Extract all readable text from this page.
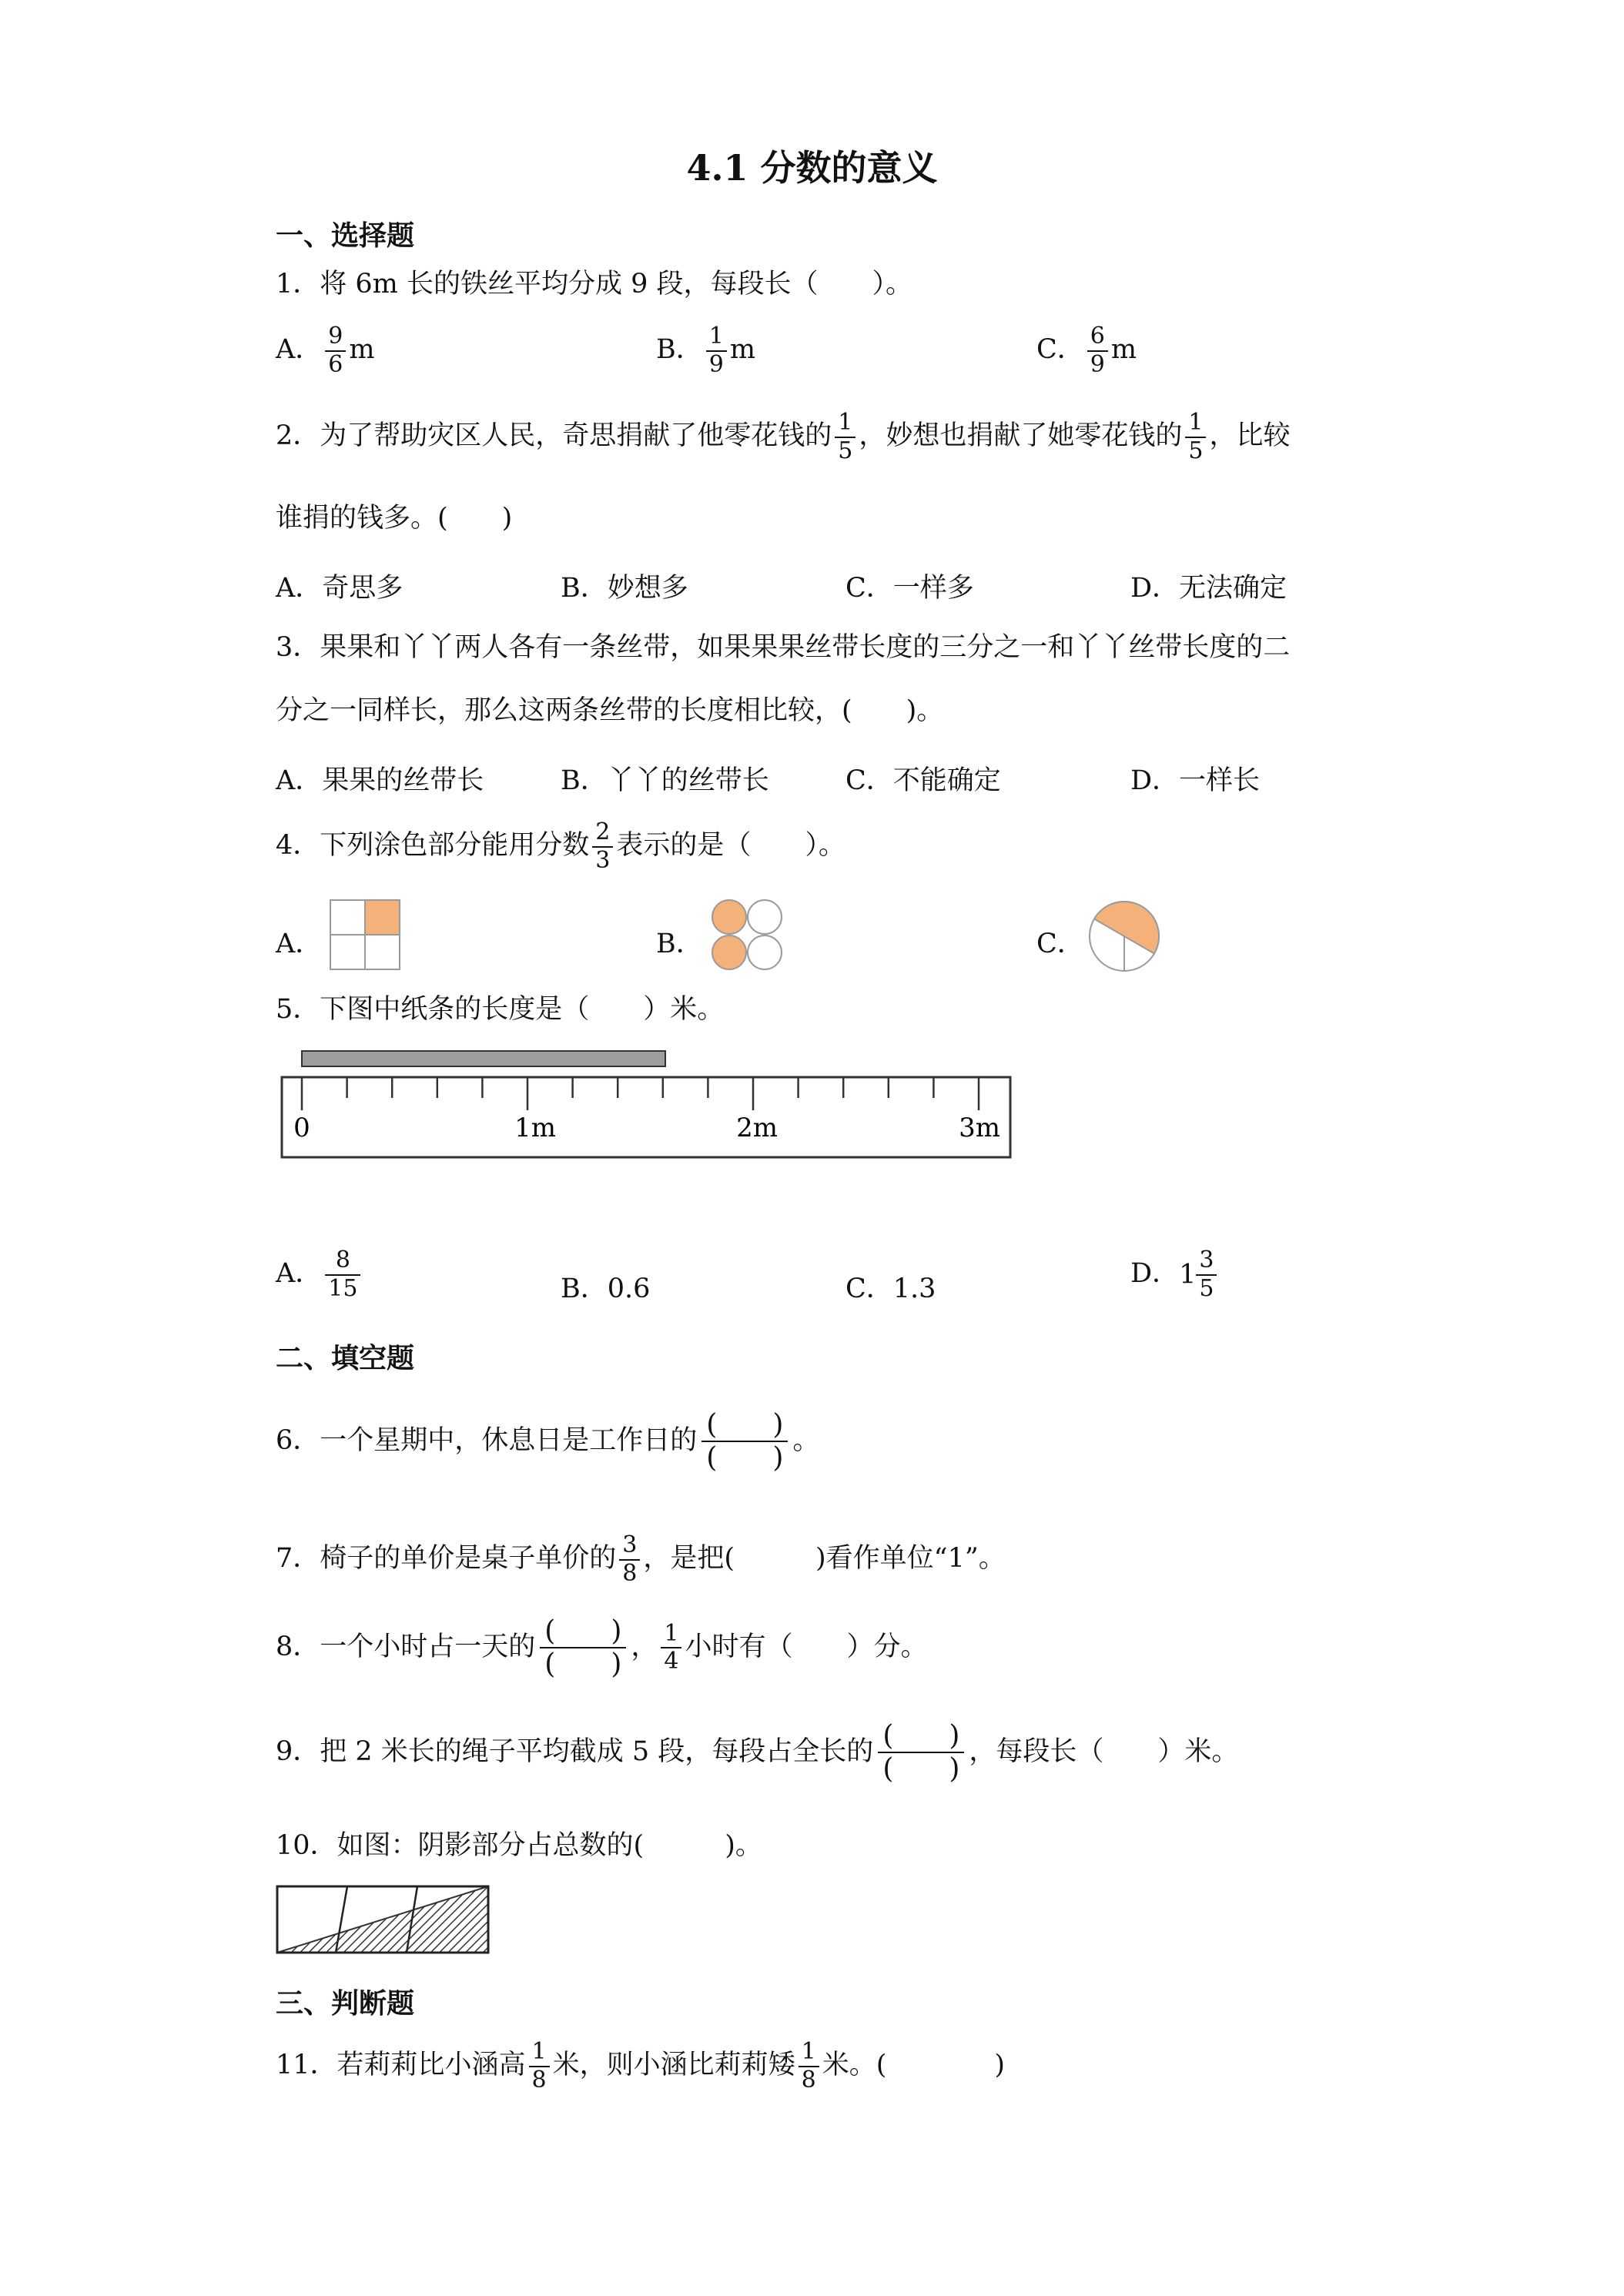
4.1 分数的意义
一、选择题
1．将 6m 长的铁丝平均分成 9 段，每段长（　　）。
A． $\frac{9}{6}$ m	B． $\frac{1}{9}$ m	C． $\frac{6}{9}$ m
2．为了帮助灾区人民，奇思捐献了他零花钱的 $\frac{1}{5}$ ，妙想也捐献了她零花钱的 $\frac{1}{5}$ ，比较
谁捐的钱多。(　　)
A．奇思多	B．妙想多	C．一样多	D．无法确定
3．果果和丫丫两人各有一条丝带，如果果果丝带长度的三分之一和丫丫丝带长度的二
分之一同样长，那么这两条丝带的长度相比较，(　　)。
A．果果的丝带长	B．丫丫的丝带长	C．不能确定	D．一样长
4．下列涂色部分能用分数 $\frac{2}{3}$ 表示的是（　　）。
A．	B．	C．
5．下图中纸条的长度是（　　）米。
0	1m	2m	3m
A． $\frac{8}{15}$	B．0.6	C．1.3	D．$1 \frac{3}{5}$
二、填空题
6．一个星期中，休息日是工作日的 (　　)
(　　)
。
7．椅子的单价是桌子单价的 $\frac{3}{8}$ ，是把(　　　)看作单位“1”。
8．一个小时占一天的 (　　)
(　　)
， $\frac{1}{4}$ 小时有（　　）分。
9．把 2 米长的绳子平均截成 5 段，每段占全长的 (　　)
(　　)
，每段长（　　）米。
10．如图：阴影部分占总数的(　　　)。
三、判断题
11．若莉莉比小涵高 $\frac{1}{8}$ 米，则小涵比莉莉矮 $\frac{1}{8}$ 米。(　　　　)
